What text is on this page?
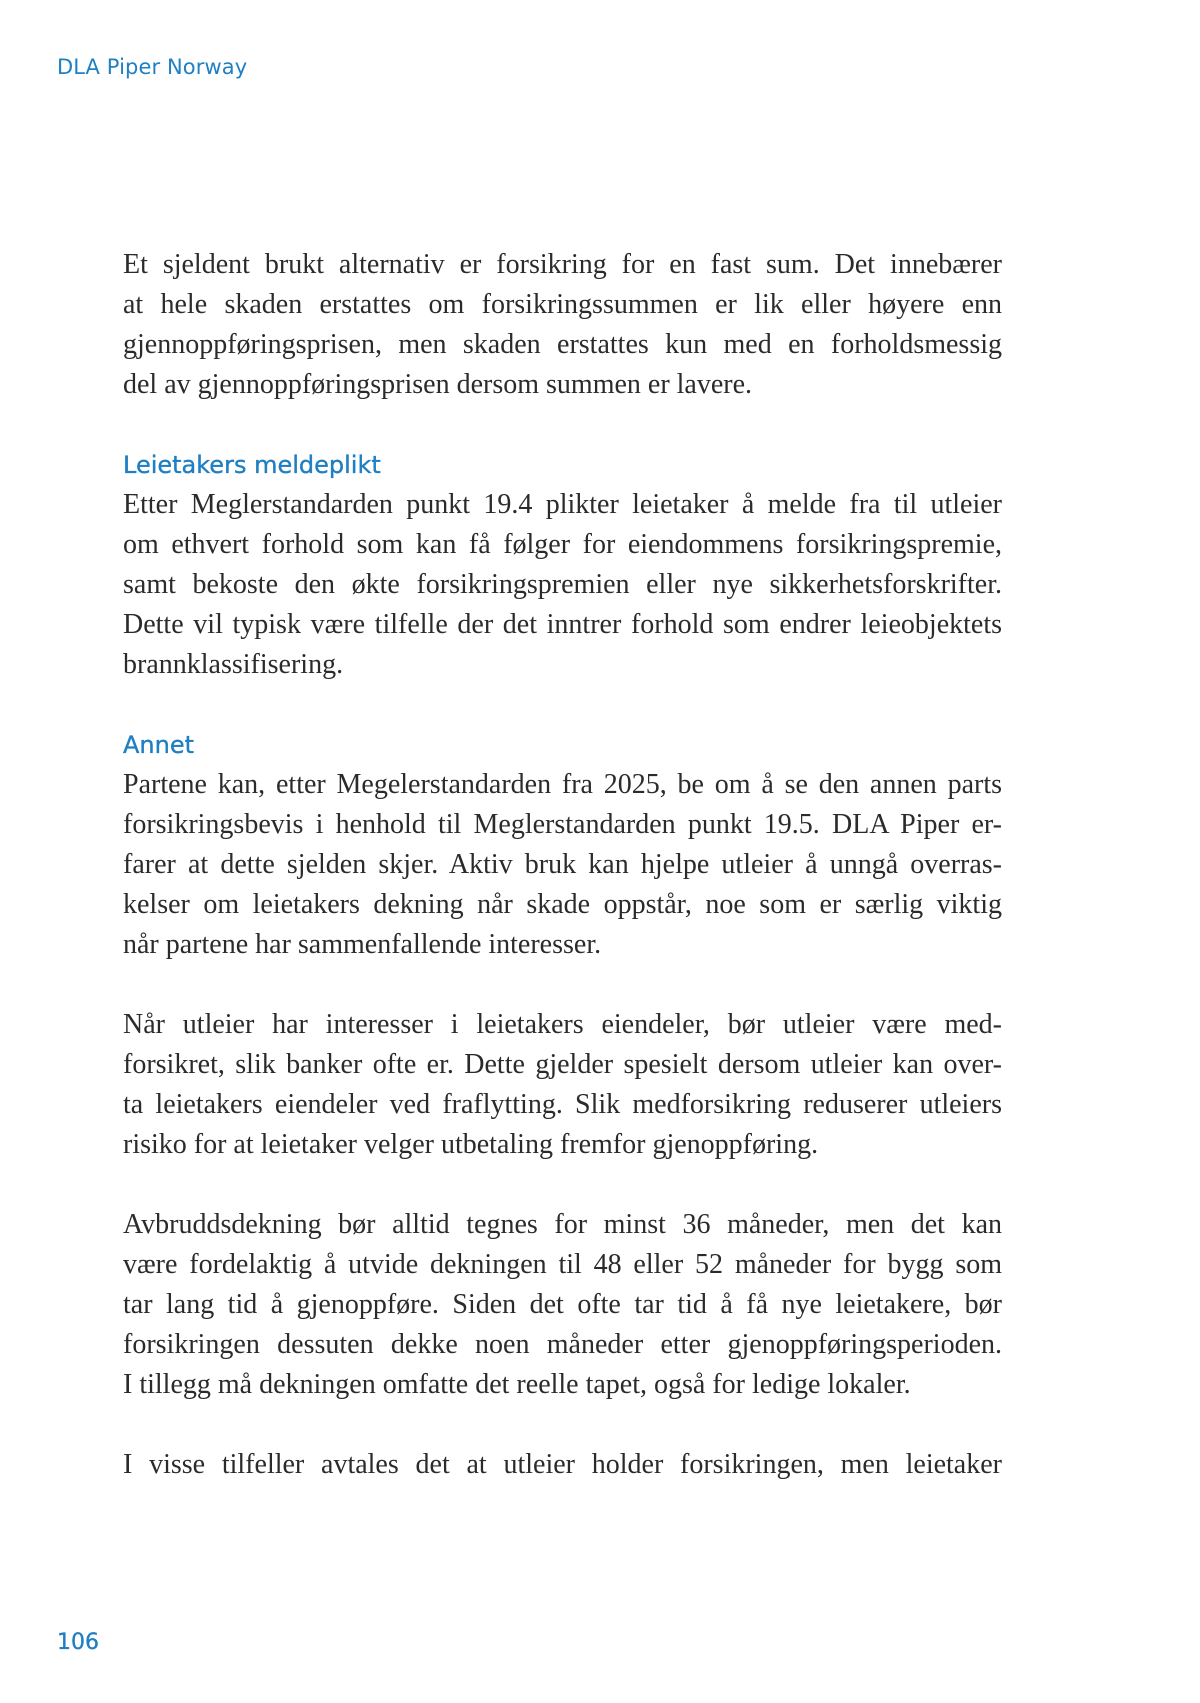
DLA Piper Norway

Et sjeldent brukt alternativ er forsikring for en fast sum. Det innebærer
at hele skaden erstattes om forsikringssummen er lik eller høyere enn
gjennoppføringsprisen, men skaden erstattes kun med en forholdsmessig
del av gjennoppføringsprisen dersom summen er lavere.

Leietakers meldeplikt

Etter Meglerstandarden punkt 19.4 plikter leietaker å melde fra til utleier
om ethvert forhold som kan få følger for eiendommens forsikringspremie,
samt bekoste den økte forsikringspremien eller nye sikkerhetsforskrifter.
Dette vil typisk være tilfelle der det inntrer forhold som endrer leieobjektets
brannklassifisering.

Annet

Partene kan, etter Megelerstandarden fra 2025, be om å se den annen parts
forsikringsbevis i henhold til Meglerstandarden punkt 19.5. DLA Piper er-
farer at dette sjelden skjer. Aktiv bruk kan hjelpe utleier å unngå overras-
kelser om leietakers dekning når skade oppstår, noe som er særlig viktig
når partene har sammenfallende interesser.

Når utleier har interesser i leietakers eiendeler, bør utleier være med-
forsikret, slik banker ofte er. Dette gjelder spesielt dersom utleier kan over-
ta leietakers eiendeler ved fraflytting. Slik medforsikring reduserer utleiers
risiko for at leietaker velger utbetaling fremfor gjenoppføring.

Avbruddsdekning bør alltid tegnes for minst 36 måneder, men det kan
være fordelaktig å utvide dekningen til 48 eller 52 måneder for bygg som
tar lang tid å gjenoppføre. Siden det ofte tar tid å få nye leietakere, bør
forsikringen dessuten dekke noen måneder etter gjenoppføringsperioden.
I tillegg må dekningen omfatte det reelle tapet, også for ledige lokaler.

I visse tilfeller avtales det at utleier holder forsikringen, men leietaker

106
